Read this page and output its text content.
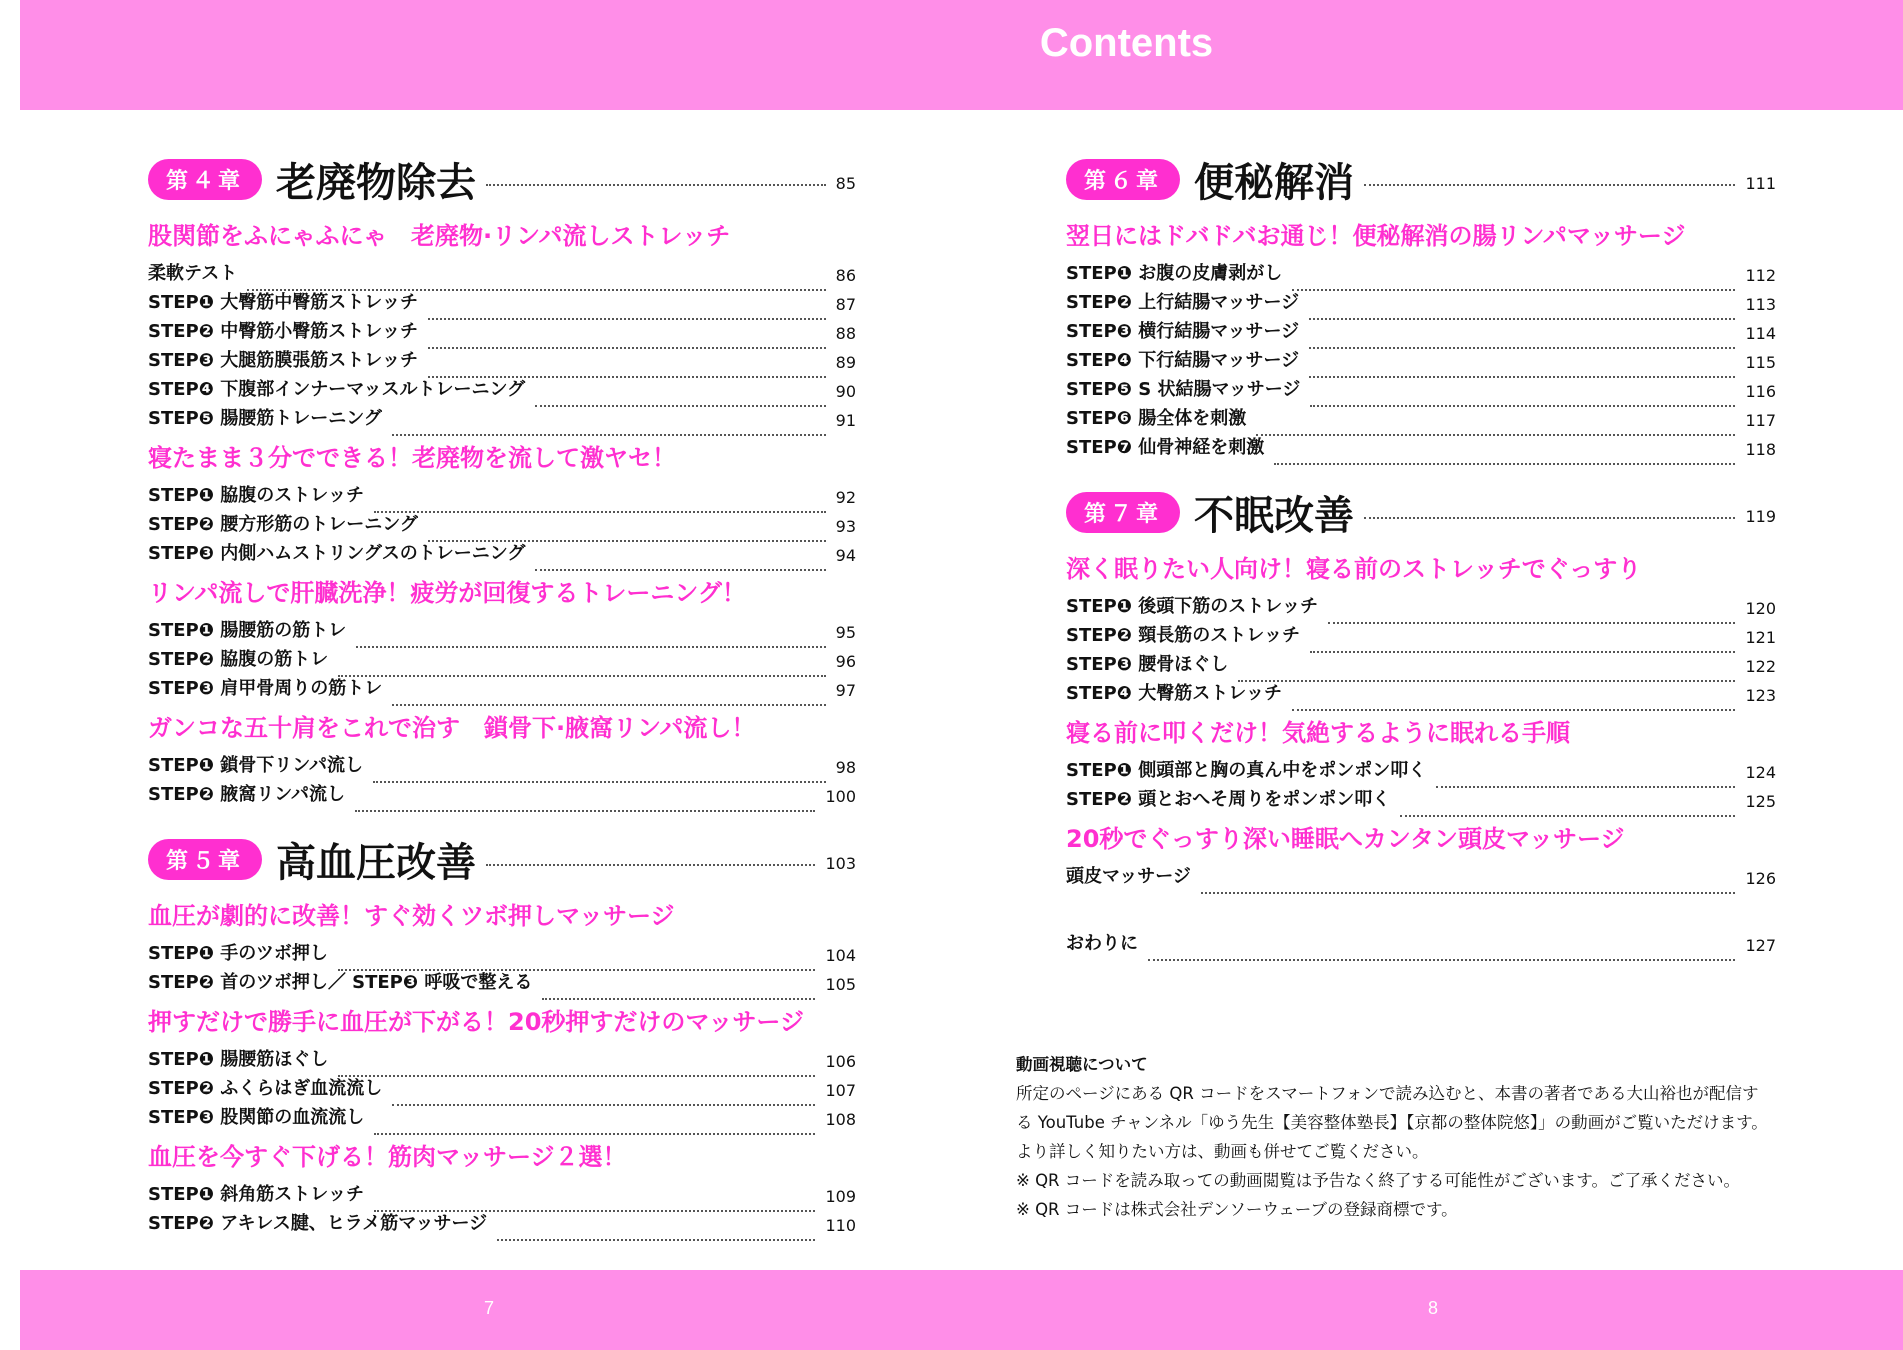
Contents
第４章 老廃物除去	85
股関節をふにゃふにゃ　老廃物·リンパ流しストレッチ
柔軟テスト	86
STEP❶ 大臀筋中臀筋ストレッチ	87
STEP❷ 中臀筋小臀筋ストレッチ	88
STEP❸ 大腿筋膜張筋ストレッチ	89
STEP❹ 下腹部インナーマッスルトレーニング	90
STEP❺ 腸腰筋トレーニング	91
寝たまま３分でできる！老廃物を流して激ヤセ！
STEP❶ 脇腹のストレッチ	92
STEP❷ 腰方形筋のトレーニング	93
STEP❸ 内側ハムストリングスのトレーニング	94
リンパ流しで肝臓洗浄！疲労が回復するトレーニング！
STEP❶ 腸腰筋の筋トレ	95
STEP❷ 脇腹の筋トレ	96
STEP❸ 肩甲骨周りの筋トレ	97
ガンコな五十肩をこれで治す　鎖骨下·腋窩リンパ流し！
STEP❶ 鎖骨下リンパ流し	98
STEP❷ 腋窩リンパ流し	100
第５章 高血圧改善	103
血圧が劇的に改善！すぐ効くツボ押しマッサージ
STEP❶ 手のツボ押し	104
STEP❷ 首のツボ押し／ STEP❸ 呼吸で整える	105
押すだけで勝手に血圧が下がる！20秒押すだけのマッサージ
STEP❶ 腸腰筋ほぐし	106
STEP❷ ふくらはぎ血流流し	107
STEP❸ 股関節の血流流し	108
血圧を今すぐ下げる！筋肉マッサージ２選！
STEP❶ 斜角筋ストレッチ	109
STEP❷ アキレス腱、ヒラメ筋マッサージ	110
第６章 便秘解消	111
翌日にはドバドバお通じ！便秘解消の腸リンパマッサージ
STEP❶ お腹の皮膚剥がし	112
STEP❷ 上行結腸マッサージ	113
STEP❸ 横行結腸マッサージ	114
STEP❹ 下行結腸マッサージ	115
STEP❺ S 状結腸マッサージ	116
STEP❻ 腸全体を刺激	117
STEP❼ 仙骨神経を刺激	118
第７章 不眠改善	119
深く眠りたい人向け！寝る前のストレッチでぐっすり
STEP❶ 後頭下筋のストレッチ	120
STEP❷ 頸長筋のストレッチ	121
STEP❸ 腰骨ほぐし	122
STEP❹ 大臀筋ストレッチ	123
寝る前に叩くだけ！気絶するように眠れる手順
STEP❶ 側頭部と胸の真ん中をポンポン叩く	124
STEP❷ 頭とおへそ周りをポンポン叩く	125
20秒でぐっすり深い睡眠へカンタン頭皮マッサージ
頭皮マッサージ	126
おわりに	127

動画視聴について

所定のページにある QR コードをスマートフォンで読み込むと、本書の著者である大山裕也が配信す

る YouTube チャンネル「ゆう先生【美容整体塾長】【京都の整体院悠】」の動画がご覧いただけます。

より詳しく知りたい方は、動画も併せてご覧ください。

※ QR コードを読み取っての動画閲覧は予告なく終了する可能性がございます。ご了承ください。

※ QR コードは株式会社デンソーウェーブの登録商標です。

7	8
